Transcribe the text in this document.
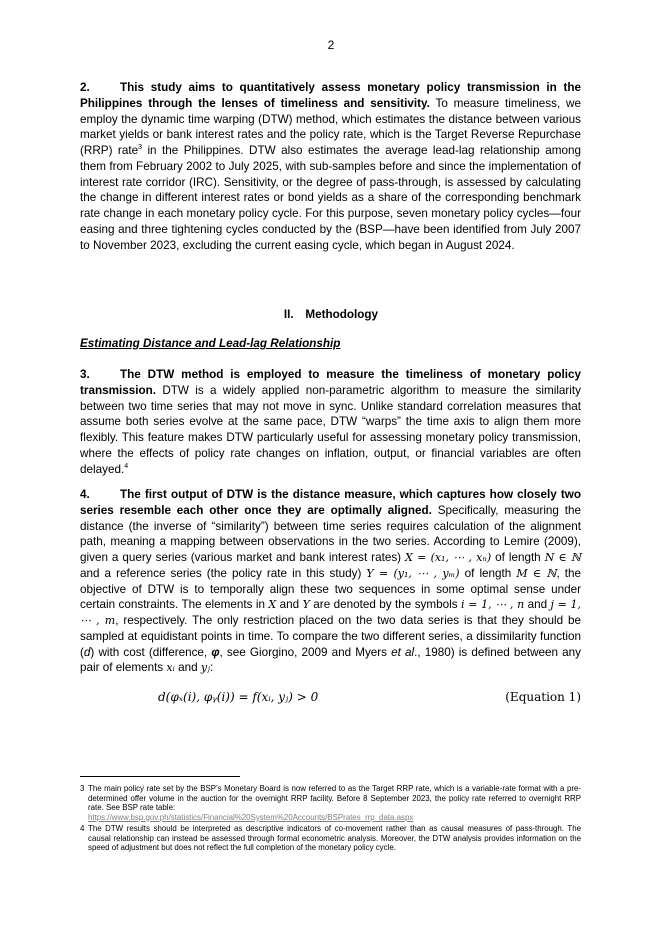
2

2.	This study aims to quantitatively assess monetary policy transmission in the Philippines through the lenses of timeliness and sensitivity. To measure timeliness, we employ the dynamic time warping (DTW) method, which estimates the distance between various market yields or bank interest rates and the policy rate, which is the Target Reverse Repurchase (RRP) rate$^3$ in the Philippines. DTW also estimates the average lead-lag relationship among them from February 2002 to July 2025, with sub-samples before and since the implementation of interest rate corridor (IRC). Sensitivity, or the degree of pass-through, is assessed by calculating the change in different interest rates or bond yields as a share of the corresponding benchmark rate change in each monetary policy cycle. For this purpose, seven monetary policy cycles—four easing and three tightening cycles conducted by the (BSP—have been identified from July 2007 to November 2023, excluding the current easing cycle, which began in August 2024.

II. Methodology
Estimating Distance and Lead-lag Relationship

3.	The DTW method is employed to measure the timeliness of monetary policy transmission. DTW is a widely applied non-parametric algorithm to measure the similarity between two time series that may not move in sync. Unlike standard correlation measures that assume both series evolve at the same pace, DTW “warps” the time axis to align them more flexibly. This feature makes DTW particularly useful for assessing monetary policy transmission, where the effects of policy rate changes on inflation, output, or financial variables are often delayed.$^4$

4.	The first output of DTW is the distance measure, which captures how closely two series resemble each other once they are optimally aligned. Specifically, measuring the distance (the inverse of “similarity”) between time series requires calculation of the alignment path, meaning a mapping between observations in the two series. According to Lemire (2009), given a query series (various market and bank interest rates) X = (x₁, ⋯ , xₙ) of length N ∈ ℕ and a reference series (the policy rate in this study) Y = (y₁, ⋯ , yₘ) of length M ∈ ℕ, the objective of DTW is to temporally align these two sequences in some optimal sense under certain constraints. The elements in X and Y are denoted by the symbols i = 1, ⋯ , n and j = 1, ⋯ , m, respectively. The only restriction placed on the two data series is that they should be sampled at equidistant points in time. To compare the two different series, a dissimilarity function (d) with cost (difference, φ, see Giorgino, 2009 and Myers et al., 1980) is defined between any pair of elements xᵢ and yⱼ:

d(φₓ(i), φᵧ(i)) = f(xᵢ, yⱼ) > 0	(Equation 1)
3 The main policy rate set by the BSP’s Monetary Board is now referred to as the Target RRP rate, which is a variable-rate format with a pre-determined offer volume in the auction for the overnight RRP facility. Before 8 September 2023, the policy rate referred to overnight RRP rate. See BSP rate table:
https://www.bsp.gov.ph/statistics/Financial%20System%20Accounts/BSPrates_rrp_data.aspx
4 The DTW results should be interpreted as descriptive indicators of co-movement rather than as causal measures of pass-through. The causal relationship can instead be assessed through formal econometric analysis. Moreover, the DTW analysis provides information on the speed of adjustment but does not reflect the full completion of the monetary policy cycle.
